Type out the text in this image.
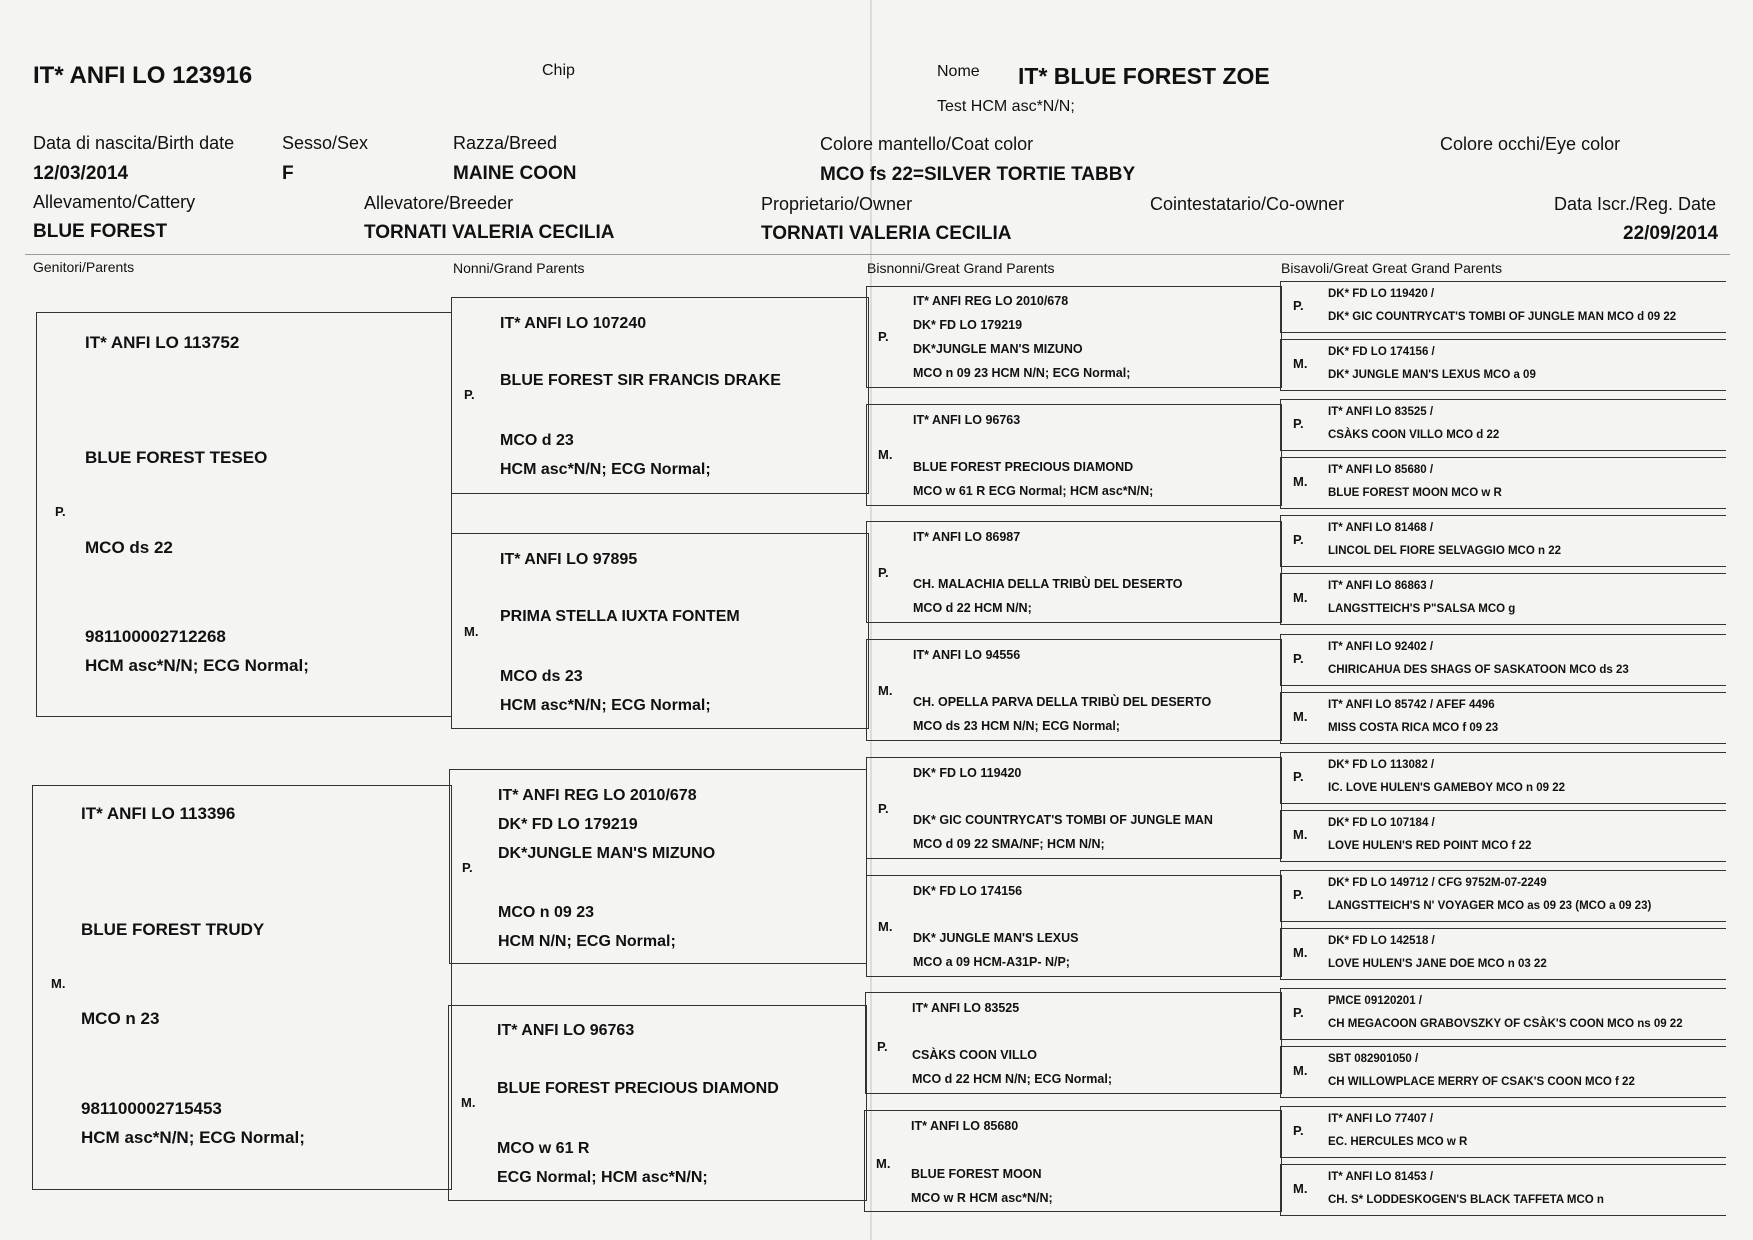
IT* ANFI LO 123916	Chip	Nome IT* BLUE FOREST ZOE
Test HCM asc*N/N;
Data di nascita/Birth date
12/03/2014
Sesso/Sex
F
Razza/Breed
MAINE COON
Colore mantello/Coat color
MCO fs 22=SILVER TORTIE TABBY
Colore occhi/Eye color
Allevamento/Cattery
BLUE FOREST
Allevatore/Breeder
TORNATI VALERIA CECILIA
Proprietario/Owner
TORNATI VALERIA CECILIA
Cointestatario/Co-owner	Data Iscr./Reg. Date
22/09/2014
Genitori/Parents	Nonni/Grand Parents	Bisnonni/Great Grand Parents	Bisavoli/Great Great Grand Parents
IT* ANFI LO 113752
BLUE FOREST TESEO
P.
MCO ds 22
981100002712268
HCM asc*N/N; ECG Normal;
IT* ANFI LO 113396
BLUE FOREST TRUDY
M.
MCO n 23
981100002715453
HCM asc*N/N; ECG Normal;
IT* ANFI LO 107240
BLUE FOREST SIR FRANCIS DRAKE
P.
MCO d 23
HCM asc*N/N; ECG Normal;
IT* ANFI LO 97895
PRIMA STELLA IUXTA FONTEM
M.
MCO ds 23
HCM asc*N/N; ECG Normal;
IT* ANFI REG LO 2010/678
DK* FD LO 179219
DK*JUNGLE MAN'S MIZUNO
P.
MCO n 09 23
HCM N/N; ECG Normal;
IT* ANFI LO 96763
BLUE FOREST PRECIOUS DIAMOND
M.
MCO w 61 R
ECG Normal; HCM asc*N/N;
IT* ANFI REG LO 2010/678
DK* FD LO 179219
P.
DK*JUNGLE MAN'S MIZUNO
MCO n 09 23 HCM N/N; ECG Normal;
IT* ANFI LO 96763
M.
BLUE FOREST PRECIOUS DIAMOND
MCO w 61 R ECG Normal; HCM asc*N/N;
IT* ANFI LO 86987
P.
CH. MALACHIA DELLA TRIBÙ DEL DESERTO
MCO d 22 HCM N/N;
IT* ANFI LO 94556
M.
CH. OPELLA PARVA DELLA TRIBÙ DEL DESERTO
MCO ds 23 HCM N/N; ECG Normal;
DK* FD LO 119420
P.
DK* GIC COUNTRYCAT'S TOMBI OF JUNGLE MAN
MCO d 09 22 SMA/NF; HCM N/N;
DK* FD LO 174156
M.
DK* JUNGLE MAN'S LEXUS
MCO a 09 HCM-A31P- N/P;
IT* ANFI LO 83525
P.
CSÀKS COON VILLO
MCO d 22 HCM N/N; ECG Normal;
IT* ANFI LO 85680
M.
BLUE FOREST MOON
MCO w R HCM asc*N/N;
P.
DK* FD LO 119420 /
DK* GIC COUNTRYCAT'S TOMBI OF JUNGLE MAN MCO d 09 22
M.
DK* FD LO 174156 /
DK* JUNGLE MAN'S LEXUS MCO a 09
P.
IT* ANFI LO 83525 /
CSÀKS COON VILLO MCO d 22
M.
IT* ANFI LO 85680 /
BLUE FOREST MOON MCO w R
P.
IT* ANFI LO 81468 /
LINCOL DEL FIORE SELVAGGIO MCO n 22
M.
IT* ANFI LO 86863 /
LANGSTTEICH'S P"SALSA MCO g
P.
IT* ANFI LO 92402 /
CHIRICAHUA DES SHAGS OF SASKATOON MCO ds 23
M.
IT* ANFI LO 85742 / AFEF 4496
MISS COSTA RICA MCO f 09 23
P.
DK* FD LO 113082 /
IC. LOVE HULEN'S GAMEBOY MCO n 09 22
M.
DK* FD LO 107184 /
LOVE HULEN'S RED POINT MCO f 22
P.
DK* FD LO 149712 / CFG 9752M-07-2249
LANGSTTEICH'S N' VOYAGER MCO as 09 23 (MCO a 09 23)
M.
DK* FD LO 142518 /
LOVE HULEN'S JANE DOE MCO n 03 22
P.
PMCE 09120201 /
CH MEGACOON GRABOVSZKY OF CSÀK'S COON MCO ns 09 22
M.
SBT 082901050 /
CH WILLOWPLACE MERRY OF CSAK'S COON MCO f 22
P.
IT* ANFI LO 77407 /
EC. HERCULES MCO w R
M.
IT* ANFI LO 81453 /
CH. S* LODDESKOGEN'S BLACK TAFFETA MCO n
